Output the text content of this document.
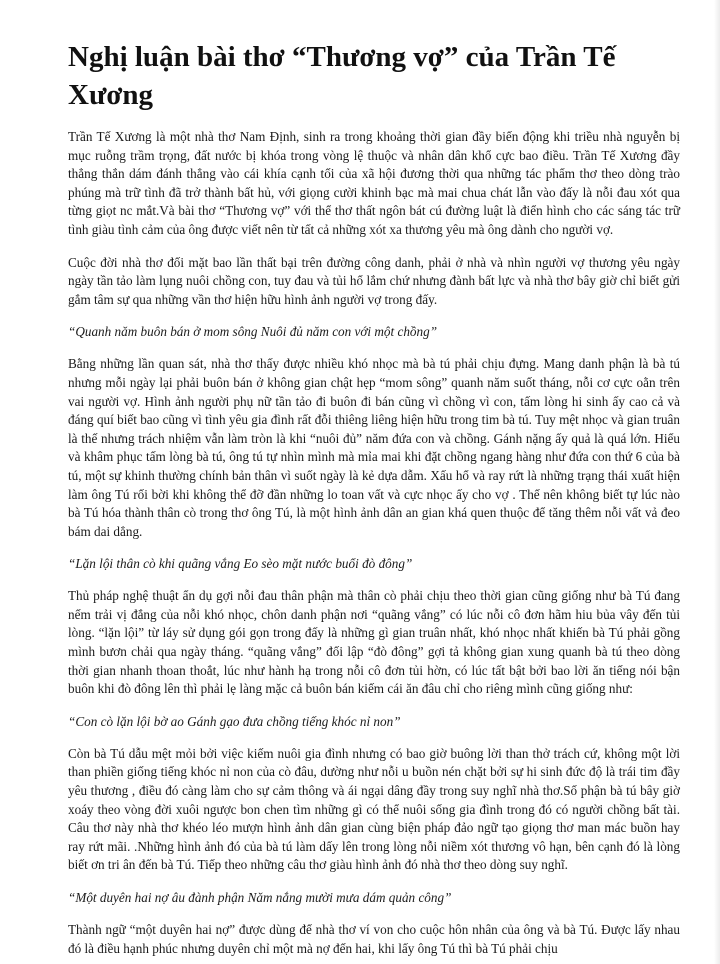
Nghị luận bài thơ “Thương vợ” của Trần Tế Xương

Trần Tế Xương là một nhà thơ Nam Định, sinh ra trong khoảng thời gian đầy biến động khi triều nhà nguyễn bị mục ruỗng trầm trọng, đất nước bị khóa trong vòng lệ thuộc và nhân dân khổ cực bao điều. Trần Tế Xương đầy thẳng thắn dám đánh thẳng vào cái khía cạnh tối của xã hội đương thời qua những tác phẩm thơ theo dòng trào phúng mà trữ tình đã trở thành bất hủ, với giọng cười khinh bạc mà mai chua chát lẫn vào đấy là nỗi đau xót qua từng giọt nc mắt.Và bài thơ “Thương vợ” với thể thơ thất ngôn bát cú đường luật là điển hình cho các sáng tác trữ tình giàu tình cảm của ông được viết nên từ tất cả những xót xa thương yêu mà ông dành cho người vợ.

Cuộc đời nhà thơ đối mặt bao lần thất bại trên đường công danh, phải ở nhà và nhìn người vợ thương yêu ngày ngày tần tảo làm lụng nuôi chồng con, tuy đau và tủi hổ lắm chứ nhưng đành bất lực và nhà thơ bây giờ chỉ biết gửi gắm tâm sự qua những vần thơ hiện hữu hình ảnh người vợ trong đấy.

“Quanh năm buôn bán ở mom sông Nuôi đủ năm con với một chồng”

Bằng những lần quan sát, nhà thơ thấy được nhiều khó nhọc mà bà tú phải chịu đựng. Mang danh phận là bà tú nhưng mỗi ngày lại phải buôn bán ở không gian chật hẹp “mom sông” quanh năm suốt tháng, nỗi cơ cực oằn trên vai người vợ. Hình ảnh người phụ nữ tần tảo đi buôn đi bán cũng vì chồng vì con, tấm lòng hi sinh ấy cao cả và đáng quí biết bao cũng vì tình yêu gia đình rất đỗi thiêng liêng hiện hữu trong tim bà tú. Tuy mệt nhọc và gian truân là thế nhưng trách nhiệm vẫn làm tròn là khi “nuôi đủ” năm đứa con và chồng. Gánh nặng ấy quả là quá lớn. Hiểu và khâm phục tấm lòng bà tú, ông tú tự nhìn mình mà mỉa mai khi đặt chồng ngang hàng như đứa con thứ 6 của bà tú, một sự khinh thường chính bản thân vì suốt ngày là kẻ dựa dẫm. Xấu hổ và ray rứt là những trạng thái xuất hiện làm ông Tú rối bời khi không thể đỡ đần những lo toan vất và cực nhọc ấy cho vợ . Thế nên không biết tự lúc nào bà Tú hóa thành thân cò trong thơ ông Tú, là một hình ảnh dân an gian khá quen thuộc để tăng thêm nỗi vất vả đeo bám dai dẳng.

“Lặn lội thân cò khi quãng vắng Eo sèo mặt nước buổi đò đông”

Thủ pháp nghệ thuật ẩn dụ gợi nỗi đau thân phận mà thân cò phải chịu theo thời gian cũng giống như bà Tú đang nếm trải vị đắng của nỗi khó nhọc, chôn danh phận nơi “quãng vắng” có lúc nỗi cô đơn hãm hiu bủa vây đến tủi lòng. “lặn lội” từ láy sử dụng gói gọn trong đấy là những gì gian truân nhất, khó nhọc nhất khiến bà Tú phải gồng mình bươn chải qua ngày tháng. “quãng vắng” đối lập “đò đông” gợi tả không gian xung quanh bà tú theo dòng thời gian nhanh thoan thoắt, lúc như hành hạ trong nỗi cô đơn tủi hờn, có lúc tất bật bởi bao lời ăn tiếng nói bận buôn khi đò đông lên thì phải lẹ làng mặc cả buôn bán kiếm cái ăn đâu chỉ cho riêng mình cũng giống như:

“Con cò lặn lội bờ ao Gánh gạo đưa chồng tiếng khóc nỉ non”

Còn bà Tú dẫu mệt mỏi bởi việc kiếm nuôi gia đình nhưng có bao giờ buông lời than thở trách cứ, không một lời than phiền giống tiếng khóc nỉ non của cò đâu, dường như nỗi u buồn nén chặt bởi sự hi sinh đức độ là trái tim đầy yêu thương , điều đó càng làm cho sự cảm thông và ái ngại dâng đầy trong suy nghĩ nhà thơ.Số phận bà tú bây giờ xoáy theo vòng đời xuôi ngược bon chen tìm những gì có thể nuôi sống gia đình trong đó có người chồng bất tài. Câu thơ này nhà thơ khéo léo mượn hình ảnh dân gian cùng biện pháp đảo ngữ tạo giọng thơ man mác buồn hay ray rứt mãi. .Những hình ảnh đó của bà tú làm dấy lên trong lòng nỗi niềm xót thương vô hạn, bên cạnh đó là lòng biết ơn tri ân đến bà Tú. Tiếp theo những câu thơ giàu hình ảnh đó nhà thơ theo dòng suy nghĩ.

“Một duyên hai nợ âu đành phận Năm nắng mười mưa dám quản công”

Thành ngữ “một duyên hai nợ” được dùng để nhà thơ ví von cho cuộc hôn nhân của ông và bà Tú. Được lấy nhau đó là điều hạnh phúc nhưng duyên chỉ một mà nợ đến hai, khi lấy ông Tú thì bà Tú phải chịu
